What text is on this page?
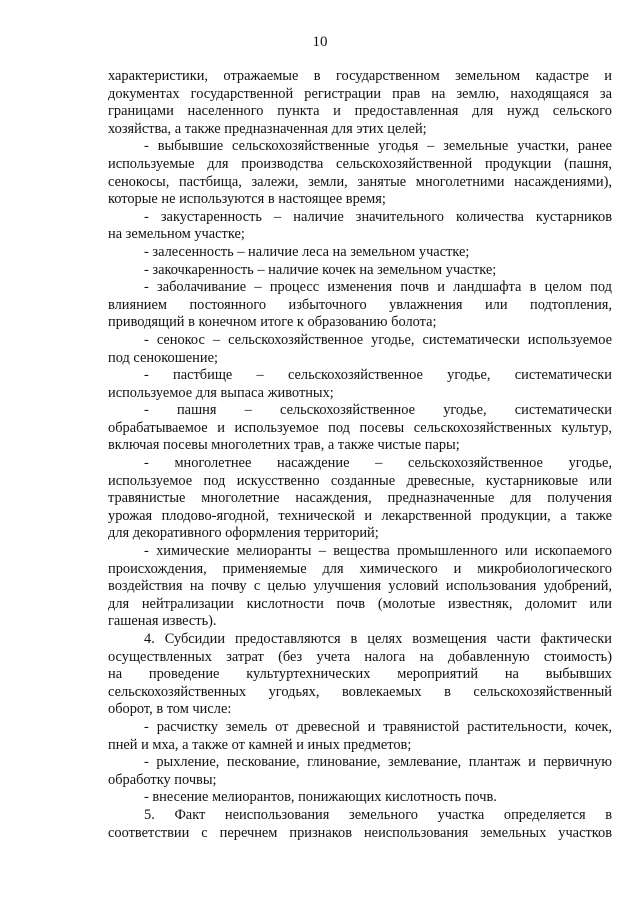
10
характеристики, отражаемые в государственном земельном кадастре и
документах государственной регистрации прав на землю, находящаяся за
границами населенного пункта и предоставленная для нужд сельского
хозяйства, а также предназначенная для этих целей;
- выбывшие сельскохозяйственные угодья – земельные участки, ранее
используемые для производства сельскохозяйственной продукции (пашня,
сенокосы, пастбища, залежи, земли, занятые многолетними насаждениями),
которые не используются в настоящее время;
- закустаренность – наличие значительного количества кустарников
на земельном участке;
- залесенность – наличие леса на земельном участке;
- закочкаренность – наличие кочек на земельном участке;
- заболачивание – процесс изменения почв и ландшафта в целом под
влиянием постоянного избыточного увлажнения или подтопления,
приводящий в конечном итоге к образованию болота;
- сенокос – сельскохозяйственное угодье, систематически используемое
под сенокошение;
- пастбище – сельскохозяйственное угодье, систематически
используемое для выпаса животных;
- пашня – сельскохозяйственное угодье, систематически
обрабатываемое и используемое под посевы сельскохозяйственных культур,
включая посевы многолетних трав, а также чистые пары;
- многолетнее насаждение – сельскохозяйственное угодье,
используемое под искусственно созданные древесные, кустарниковые или
травянистые многолетние насаждения, предназначенные для получения
урожая плодово-ягодной, технической и лекарственной продукции, а также
для декоративного оформления территорий;
- химические мелиоранты – вещества промышленного или ископаемого
происхождения, применяемые для химического и микробиологического
воздействия на почву с целью улучшения условий использования удобрений,
для нейтрализации кислотности почв (молотые известняк, доломит или
гашеная известь).
4. Субсидии предоставляются в целях возмещения части фактически
осуществленных затрат (без учета налога на добавленную стоимость)
на проведение культуртехнических мероприятий на выбывших
сельскохозяйственных угодьях, вовлекаемых в сельскохозяйственный
оборот, в том числе:
- расчистку земель от древесной и травянистой растительности, кочек,
пней и мха, а также от камней и иных предметов;
- рыхление, пескование, глинование, землевание, плантаж и первичную
обработку почвы;
- внесение мелиорантов, понижающих кислотность почв.
5. Факт неиспользования земельного участка определяется в
соответствии с перечнем признаков неиспользования земельных участков
